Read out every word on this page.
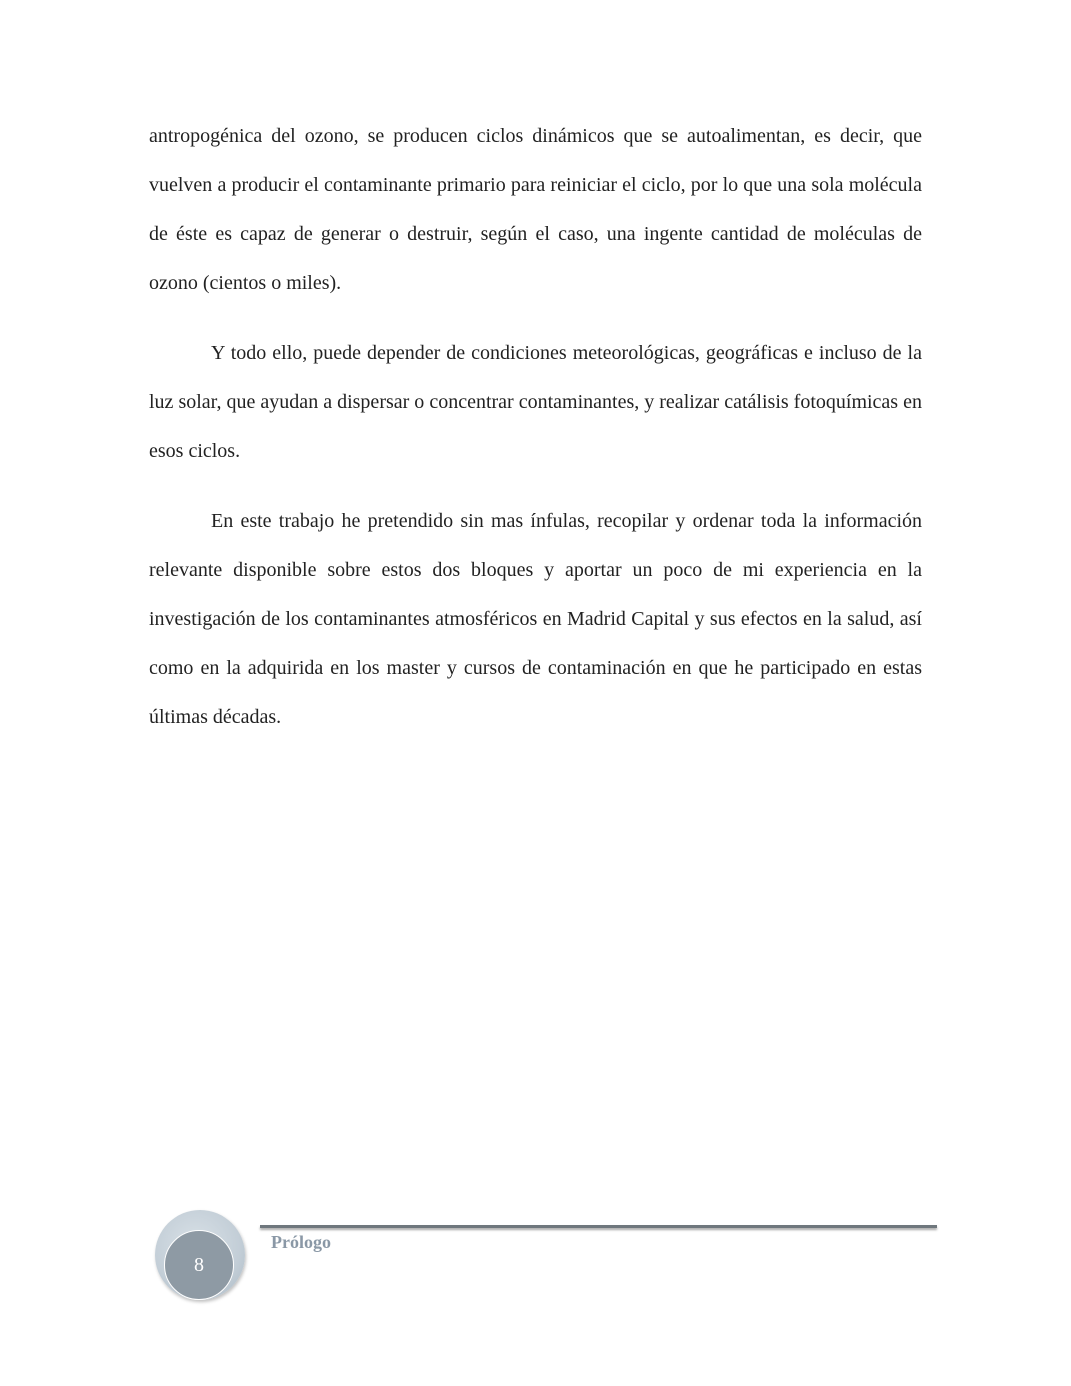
antropogénica del ozono, se producen ciclos dinámicos que se autoalimentan, es decir, que vuelven a producir el contaminante primario para reiniciar el ciclo, por lo que una sola molécula de éste es capaz de generar o destruir, según el caso, una ingente cantidad de moléculas de ozono (cientos o miles).

Y todo ello, puede depender de condiciones meteorológicas, geográficas e incluso de la luz solar, que ayudan a dispersar o concentrar contaminantes, y realizar catálisis fotoquímicas en esos ciclos.

En este trabajo he pretendido sin mas ínfulas, recopilar y ordenar toda la información relevante disponible sobre estos dos bloques y aportar un poco de mi experiencia en la investigación de los contaminantes atmosféricos en Madrid Capital y sus efectos en la salud, así como en la adquirida en los master y cursos de contaminación en que he participado en estas últimas décadas.

Prólogo
8
